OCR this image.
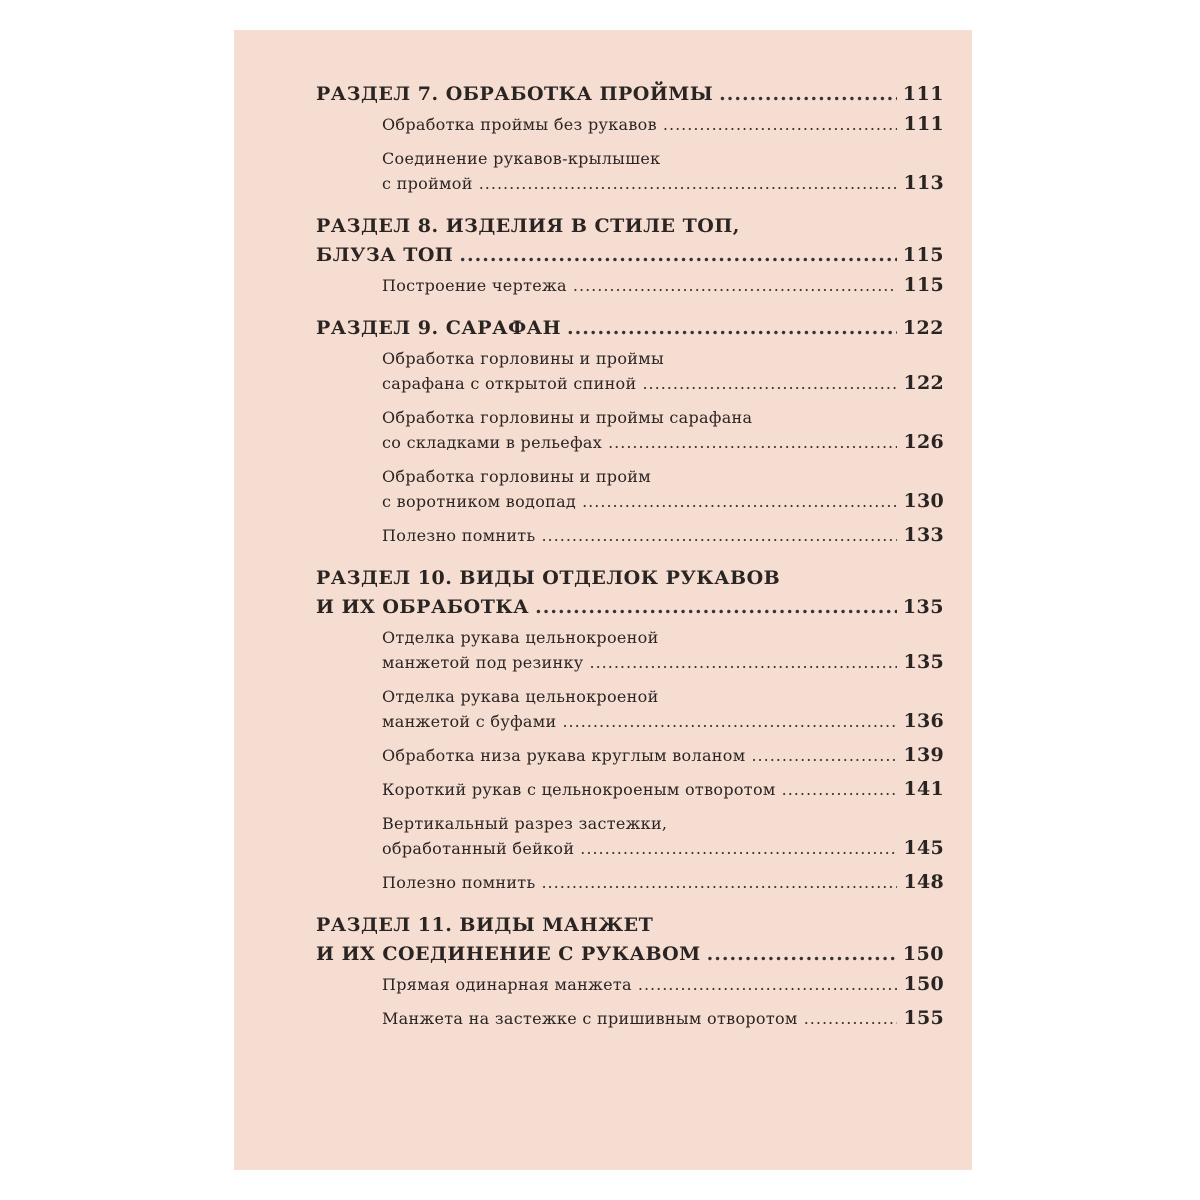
РАЗДЕЛ 7. ОБРАБОТКА ПРОЙМЫ .....	111
Обработка проймы без рукавов .....	111
Соединение рукавов-крылышек
с проймой .....	113
РАЗДЕЛ 8. ИЗДЕЛИЯ В СТИЛЕ ТОП,
БЛУЗА ТОП .....	115
Построение чертежа .....	115
РАЗДЕЛ 9. САРАФАН .....	122
Обработка горловины и проймы
сарафана с открытой спиной .....	122
Обработка горловины и проймы сарафана
со складками в рельефах .....	126
Обработка горловины и пройм
с воротником водопад .....	130
Полезно помнить .....	133
РАЗДЕЛ 10. ВИДЫ ОТДЕЛОК РУКАВОВ
И ИХ ОБРАБОТКА .....	135
Отделка рукава цельнокроеной
манжетой под резинку .....	135
Отделка рукава цельнокроеной
манжетой с буфами .....	136
Обработка низа рукава круглым воланом .....	139
Короткий рукав с цельнокроеным отворотом .....	141
Вертикальный разрез застежки,
обработанный бейкой .....	145
Полезно помнить .....	148
РАЗДЕЛ 11. ВИДЫ МАНЖЕТ
И ИХ СОЕДИНЕНИЕ С РУКАВОМ .....	150
Прямая одинарная манжета .....	150
Манжета на застежке с пришивным отворотом .....	155
